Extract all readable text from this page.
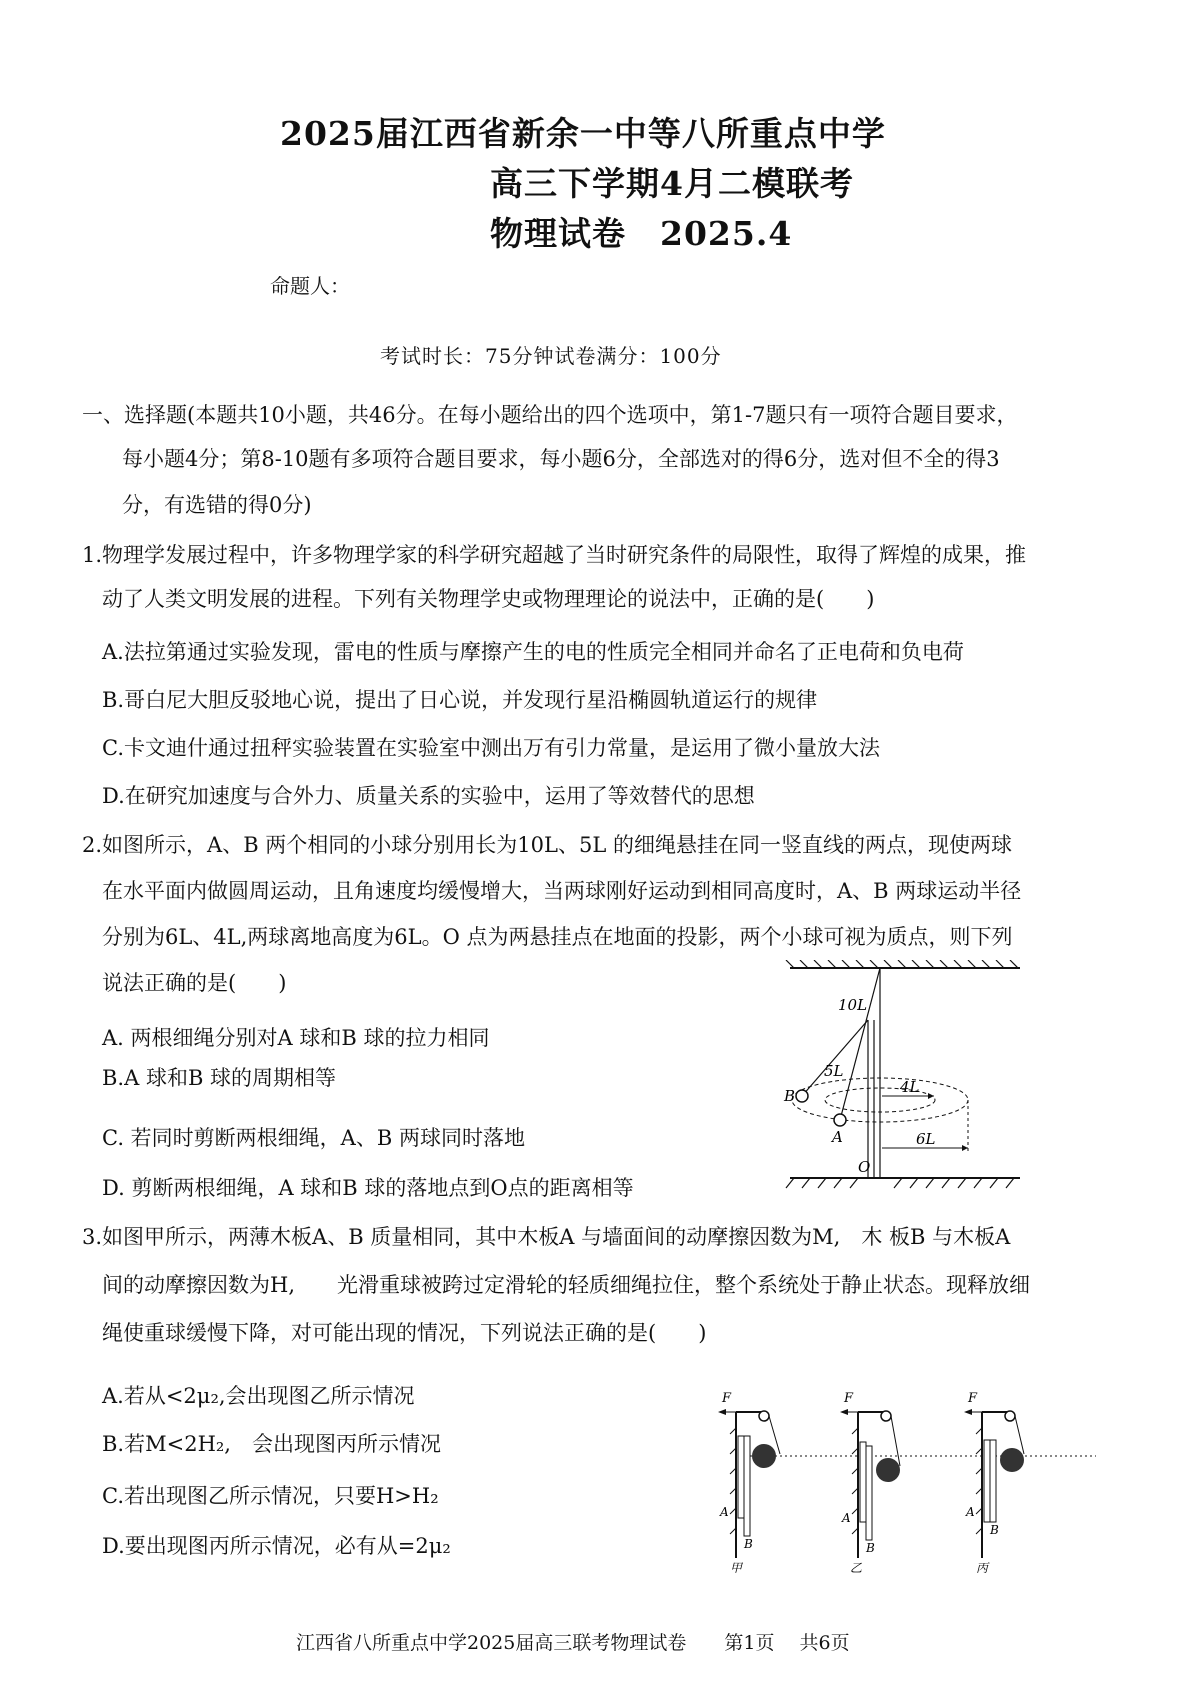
2025届江西省新余一中等八所重点中学
高三下学期4月二模联考
物理试卷　2025.4
命题人：
考试时长：75分钟试卷满分：100分
一、选择题(本题共10小题，共46分。在每小题给出的四个选项中，第1-7题只有一项符合题目要求，
每小题4分；第8-10题有多项符合题目要求，每小题6分，全部选对的得6分，选对但不全的得3
分，有选错的得0分)
1.物理学发展过程中，许多物理学家的科学研究超越了当时研究条件的局限性，取得了辉煌的成果，推
动了人类文明发展的进程。下列有关物理学史或物理理论的说法中，正确的是(　　)
A.法拉第通过实验发现，雷电的性质与摩擦产生的电的性质完全相同并命名了正电荷和负电荷
B.哥白尼大胆反驳地心说，提出了日心说，并发现行星沿椭圆轨道运行的规律
C.卡文迪什通过扭秤实验装置在实验室中测出万有引力常量，是运用了微小量放大法
D.在研究加速度与合外力、质量关系的实验中，运用了等效替代的思想
2.如图所示，A、B 两个相同的小球分别用长为10L、5L 的细绳悬挂在同一竖直线的两点，现使两球
在水平面内做圆周运动，且角速度均缓慢增大，当两球刚好运动到相同高度时，A、B 两球运动半径
分别为6L、4L,两球离地高度为6L。O 点为两悬挂点在地面的投影，两个小球可视为质点，则下列
说法正确的是(　　)
A. 两根细绳分别对A 球和B 球的拉力相同
B.A 球和B 球的周期相等
C. 若同时剪断两根细绳，A、B 两球同时落地
D. 剪断两根细绳，A 球和B 球的落地点到O点的距离相等
10L
5L
4L
6L
B
A
O
3.如图甲所示，两薄木板A、B 质量相同，其中木板A 与墙面间的动摩擦因数为M,　木 板B 与木板A
间的动摩擦因数为H,　　光滑重球被跨过定滑轮的轻质细绳拉住，整个系统处于静止状态。现释放细
绳使重球缓慢下降，对可能出现的情况，下列说法正确的是(　　)
A.若从<2μ₂,会出现图乙所示情况
B.若M<2H₂,　会出现图丙所示情况
C.若出现图乙所示情况，只要H>H₂
D.要出现图丙所示情况，必有从=2μ₂
F
A
B
甲
F
A
B
乙
F
A
B
丙
江西省八所重点中学2025届高三联考物理试卷　　第1页　 共6页
